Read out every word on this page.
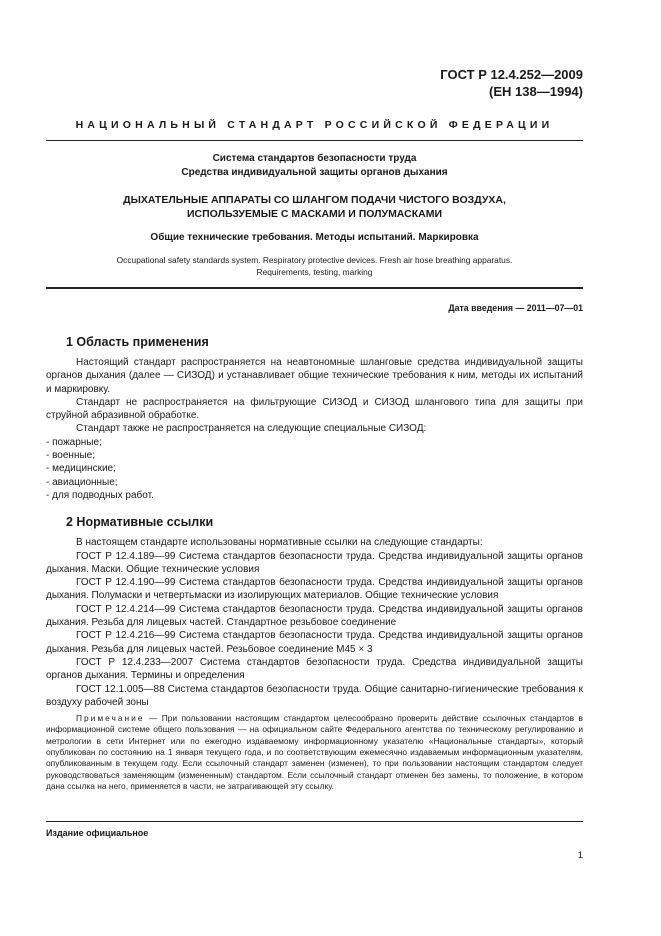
ГОСТ Р 12.4.252—2009
(ЕН 138—1994)
НАЦИОНАЛЬНЫЙ СТАНДАРТ РОССИЙСКОЙ ФЕДЕРАЦИИ
Система стандартов безопасности труда
Средства индивидуальной защиты органов дыхания
ДЫХАТЕЛЬНЫЕ АППАРАТЫ СО ШЛАНГОМ ПОДАЧИ ЧИСТОГО ВОЗДУХА,
ИСПОЛЬЗУЕМЫЕ С МАСКАМИ И ПОЛУМАСКАМИ
Общие технические требования. Методы испытаний. Маркировка
Occupational safety standards system. Respiratory protective devices. Fresh air hose breathing apparatus.
Requirements, testing, marking
Дата введения — 2011—07—01
1 Область применения

Настоящий стандарт распространяется на неавтономные шланговые средства индивидуальной защиты органов дыхания (далее — СИЗОД) и устанавливает общие технические требования к ним, методы их испытаний и маркировку.

Стандарт не распространяется на фильтрующие СИЗОД и СИЗОД шлангового типа для защиты при струйной абразивной обработке.

Стандарт также не распространяется на следующие специальные СИЗОД:

- пожарные;

- военные;

- медицинские;

- авиационные;

- для подводных работ.

2 Нормативные ссылки

В настоящем стандарте использованы нормативные ссылки на следующие стандарты:

ГОСТ Р 12.4.189—99 Система стандартов безопасности труда. Средства индивидуальной защиты органов дыхания. Маски. Общие технические условия

ГОСТ Р 12.4.190—99 Система стандартов безопасности труда. Средства индивидуальной защиты органов дыхания. Полумаски и четвертьмаски из изолирующих материалов. Общие технические условия

ГОСТ Р 12.4.214—99 Система стандартов безопасности труда. Средства индивидуальной защиты органов дыхания. Резьба для лицевых частей. Стандартное резьбовое соединение

ГОСТ Р 12.4.216—99 Система стандартов безопасности труда. Средства индивидуальной защиты органов дыхания. Резьба для лицевых частей. Резьбовое соединение М45 × 3

ГОСТ Р 12.4.233—2007 Система стандартов безопасности труда. Средства индивидуальной защиты органов дыхания. Термины и определения

ГОСТ 12.1.005—88 Система стандартов безопасности труда. Общие санитарно-гигиенические требования к воздуху рабочей зоны

Примечание — При пользовании настоящим стандартом целесообразно проверить действие ссылочных стандартов в информационной системе общего пользования — на официальном сайте Федерального агентства по техническому регулированию и метрологии в сети Интернет или по ежегодно издаваемому информационному указателю «Национальные стандарты», который опубликован по состоянию на 1 января текущего года, и по соответствующим ежемесячно издаваемым информационным указателям, опубликованным в текущем году. Если ссылочный стандарт заменен (изменен), то при пользовании настоящим стандартом следует руководствоваться заменяющим (измененным) стандартом. Если ссылочный стандарт отменен без замены, то положение, в котором дана ссылка на него, применяется в части, не затрагивающей эту ссылку.

Издание официальное
1
